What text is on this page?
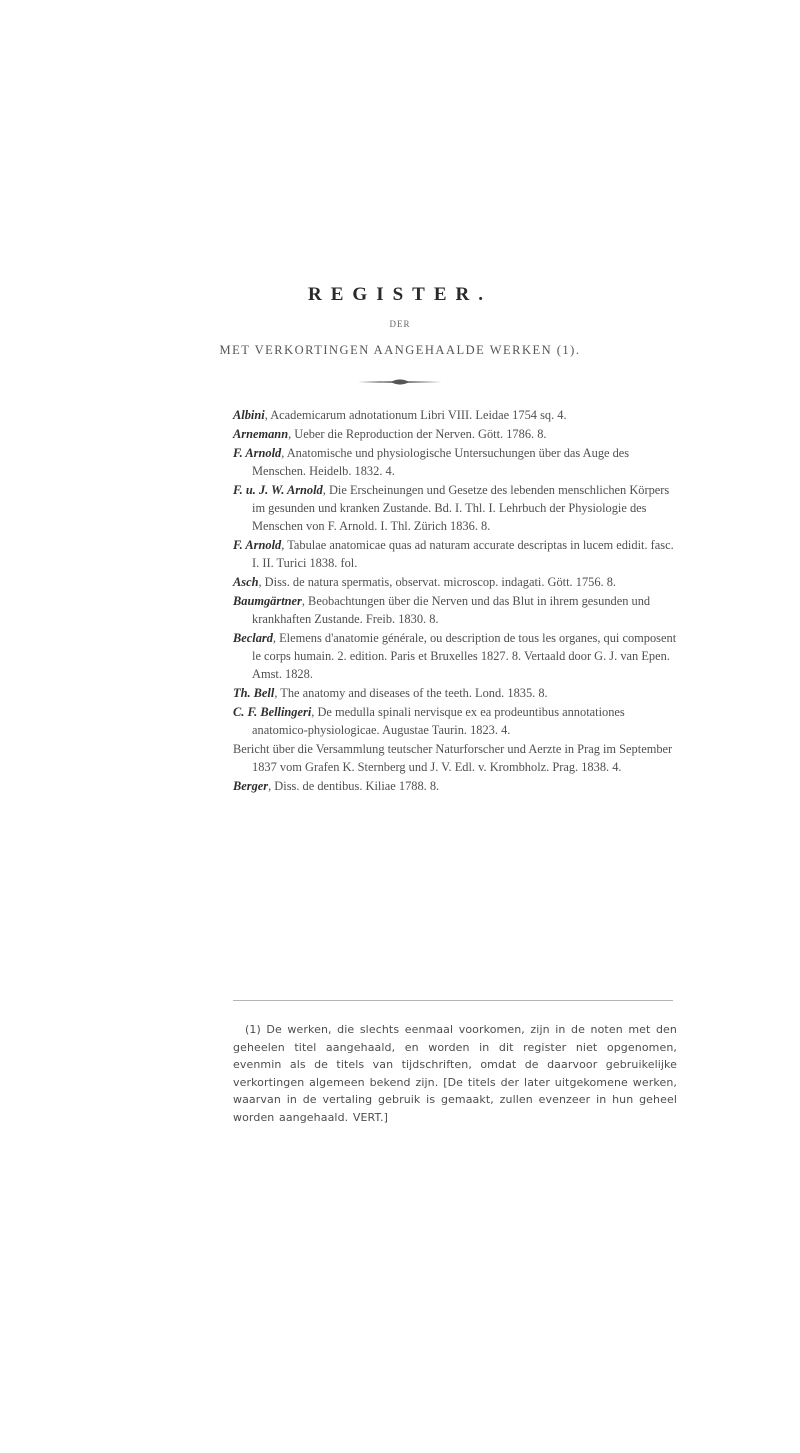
REGISTER.
DER
MET VERKORTINGEN AANGEHAALDE WERKEN (1).

Albini, Academicarum adnotationum Libri VIII. Leidae 1754 sq. 4.

Arnemann, Ueber die Reproduction der Nerven. Gött. 1786. 8.

F. Arnold, Anatomische und physiologische Untersuchungen über das Auge des Menschen. Heidelb. 1832. 4.

F. u. J. W. Arnold, Die Erscheinungen und Gesetze des lebenden menschlichen Körpers im gesunden und kranken Zustande. Bd. I. Thl. I. Lehrbuch der Physiologie des Menschen von F. Arnold. I. Thl. Zürich 1836. 8.

F. Arnold, Tabulae anatomicae quas ad naturam accurate descriptas in lucem edidit. fasc. I. II. Turici 1838. fol.

Asch, Diss. de natura spermatis, observat. microscop. indagati. Gött. 1756. 8.

Baumgärtner, Beobachtungen über die Nerven und das Blut in ihrem gesunden und krankhaften Zustande. Freib. 1830. 8.

Beclard, Elemens d'anatomie générale, ou description de tous les organes, qui composent le corps humain. 2. edition. Paris et Bruxelles 1827. 8. Vertaald door G. J. van Epen. Amst. 1828.

Th. Bell, The anatomy and diseases of the teeth. Lond. 1835. 8.

C. F. Bellingeri, De medulla spinali nervisque ex ea prodeuntibus annotationes anatomico-physiologicae. Augustae Taurin. 1823. 4.

Bericht über die Versammlung teutscher Naturforscher und Aerzte in Prag im September 1837 vom Grafen K. Sternberg und J. V. Edl. v. Krombholz. Prag. 1838. 4.

Berger, Diss. de dentibus. Kiliae 1788. 8.

(1) De werken, die slechts eenmaal voorkomen, zijn in de noten met den geheelen titel aangehaald, en worden in dit register niet opgenomen, evenmin als de titels van tijdschriften, omdat de daarvoor gebruikelijke verkortingen algemeen bekend zijn. [De titels der later uitgekomene werken, waarvan in de vertaling gebruik is gemaakt, zullen evenzeer in hun geheel worden aangehaald. VERT.]
